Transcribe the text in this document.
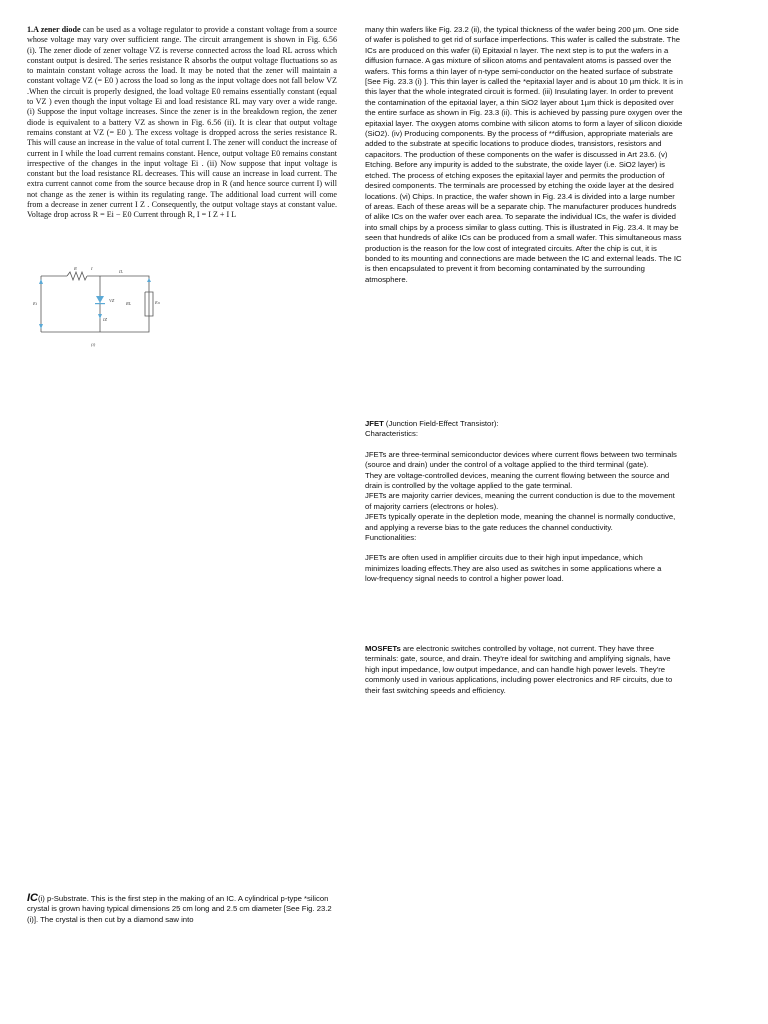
1.A zener diode can be used as a voltage regulator to provide a constant voltage from a source whose voltage may vary over sufficient range. The circuit arrangement is shown in Fig. 6.56 (i). The zener diode of zener voltage VZ is reverse connected across the load RL across which constant output is desired. The series resistance R absorbs the output voltage fluctuations so as to maintain constant voltage across the load. It may be noted that the zener will maintain a constant voltage VZ (= E0 ) across the load so long as the input voltage does not fall below VZ .When the circuit is properly designed, the load voltage E0 remains essentially constant (equal to VZ ) even though the input voltage Ei and load resistance RL may vary over a wide range. (i) Suppose the input voltage increases. Since the zener is in the breakdown region, the zener diode is equivalent to a battery VZ as shown in Fig. 6.56 (ii). It is clear that output voltage remains constant at VZ (= E0 ). The excess voltage is dropped across the series resistance R. This will cause an increase in the value of total current I. The zener will conduct the increase of current in I while the load current remains constant. Hence, output voltage E0 remains constant irrespective of the changes in the input voltage Ei . (ii) Now suppose that input voltage is constant but the load resistance RL decreases. This will cause an increase in load current. The extra current cannot come from the source because drop in R (and hence source current I) will not change as the zener is within its regulating range. The additional load current will come from a decrease in zener current I Z . Consequently, the output voltage stays at constant value. Voltage drop across R = Ei − E0 Current through R, I = I Z + I L

R	I
IL
VZ
RL	Eo
Ei
IZ
(i)

many thin wafers like Fig. 23.2 (ii), the typical thickness of the wafer being 200 µm. One side of wafer is polished to get rid of surface imperfections. This wafer is called the substrate. The ICs are produced on this wafer (ii) Epitaxial n layer. The next step is to put the wafers in a diffusion furnace. A gas mixture of silicon atoms and pentavalent atoms is passed over the wafers. This forms a thin layer of n-type semi-conductor on the heated surface of substrate [See Fig. 23.3 (i) ]. This thin layer is called the *epitaxial layer and is about 10 µm thick. It is in this layer that the whole integrated circuit is formed. (iii) Insulating layer. In order to prevent the contamination of the epitaxial layer, a thin SiO2 layer about 1µm thick is deposited over the entire surface as shown in Fig. 23.3 (ii). This is achieved by passing pure oxygen over the epitaxial layer. The oxygen atoms combine with silicon atoms to form a layer of silicon dioxide (SiO2). (iv) Producing components. By the process of **diffusion, appropriate materials are added to the substrate at specific locations to produce diodes, transistors, resistors and capacitors. The production of these components on the wafer is discussed in Art 23.6. (v) Etching. Before any impurity is added to the substrate, the oxide layer (i.e. SiO2 layer) is etched. The process of etching exposes the epitaxial layer and permits the production of desired components. The terminals are processed by etching the oxide layer at the desired locations. (vi) Chips. In practice, the wafer shown in Fig. 23.4 is divided into a large number of areas. Each of these areas will be a separate chip. The manufacturer produces hundreds of alike ICs on the wafer over each area. To separate the individual ICs, the wafer is divided into small chips by a process similar to glass cutting. This is illustrated in Fig. 23.4. It may be seen that hundreds of alike ICs can be produced from a small wafer. This simultaneous mass production is the reason for the low cost of integrated circuits. After the chip is cut, it is bonded to its mounting and connections are made between the IC and external leads. The IC is then encapsulated to prevent it from becoming contaminated by the surrounding atmosphere.

JFET (Junction Field-Effect Transistor):

Characteristics:

JFETs are three-terminal semiconductor devices where current flows between two terminals (source and drain) under the control of a voltage applied to the third terminal (gate).

They are voltage-controlled devices, meaning the current flowing between the source and drain is controlled by the voltage applied to the gate terminal.

JFETs are majority carrier devices, meaning the current conduction is due to the movement of majority carriers (electrons or holes).

JFETs typically operate in the depletion mode, meaning the channel is normally conductive, and applying a reverse bias to the gate reduces the channel conductivity.

Functionalities:

JFETs are often used in amplifier circuits due to their high input impedance, which minimizes loading effects.They are also used as switches in some applications where a low-frequency signal needs to control a higher power load.

MOSFETs are electronic switches controlled by voltage, not current. They have three terminals: gate, source, and drain. They're ideal for switching and amplifying signals, have high input impedance, low output impedance, and can handle high power levels. They're commonly used in various applications, including power electronics and RF circuits, due to their fast switching speeds and efficiency.

IC(i) p-Substrate. This is the first step in the making of an IC. A cylindrical p-type *silicon crystal is grown having typical dimensions 25 cm long and 2.5 cm diameter [See Fig. 23.2 (i)]. The crystal is then cut by a diamond saw into
